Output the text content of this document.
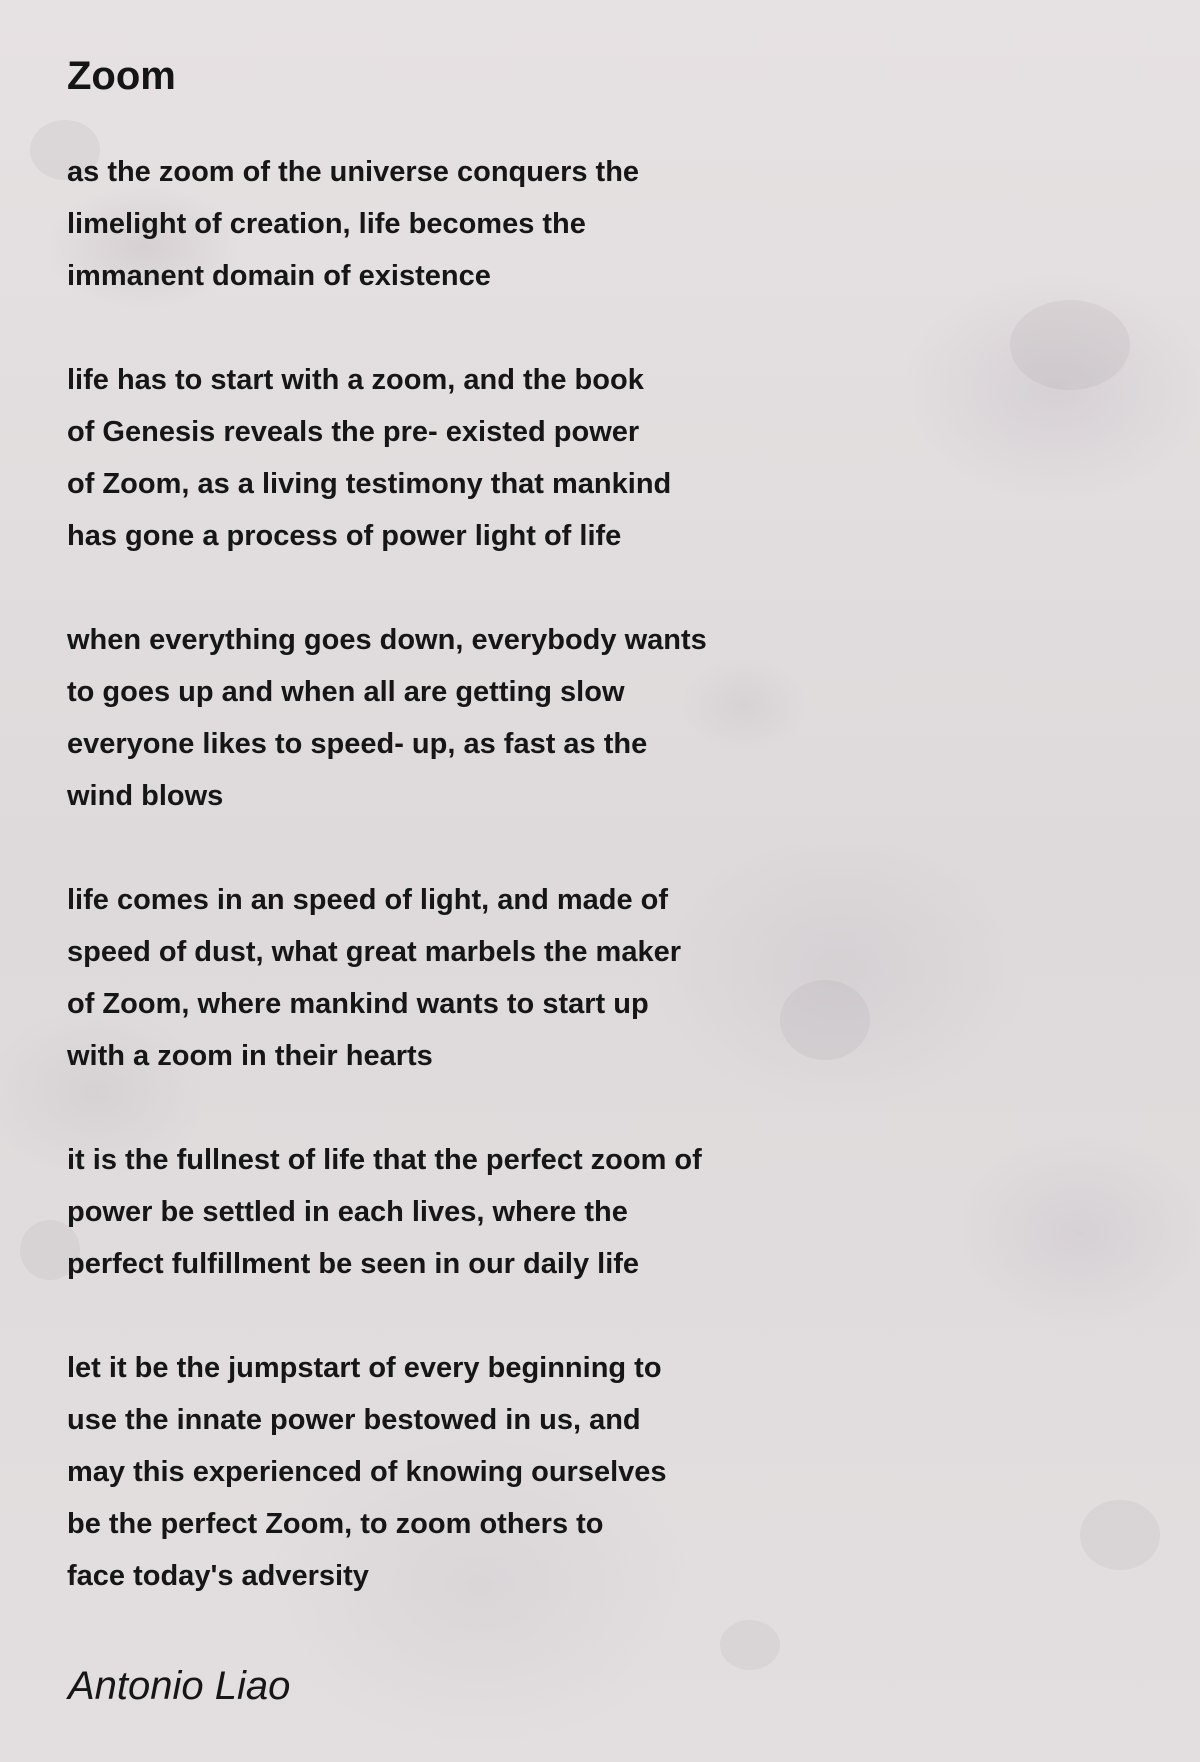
Zoom
as the zoom of the universe conquers the
limelight of creation, life becomes the
immanent domain of existence
life has to start with a zoom, and the book
of Genesis reveals the pre- existed power
of Zoom, as a living testimony that mankind
has gone a process of power light of life
when everything goes down, everybody wants
to goes up and when all are getting slow
everyone likes to speed- up, as fast as the
wind blows
life comes in an speed of light, and made of
speed of dust, what great marbels the maker
of Zoom, where mankind wants to start up
with a zoom in their hearts
it is the fullnest of life that the perfect zoom of
power be settled in each lives, where the
perfect fulfillment be seen in our daily life
let it be the jumpstart of every beginning to
use the innate power bestowed in us, and
may this experienced of knowing ourselves
be the perfect Zoom, to zoom others to
face today's adversity
Antonio Liao
